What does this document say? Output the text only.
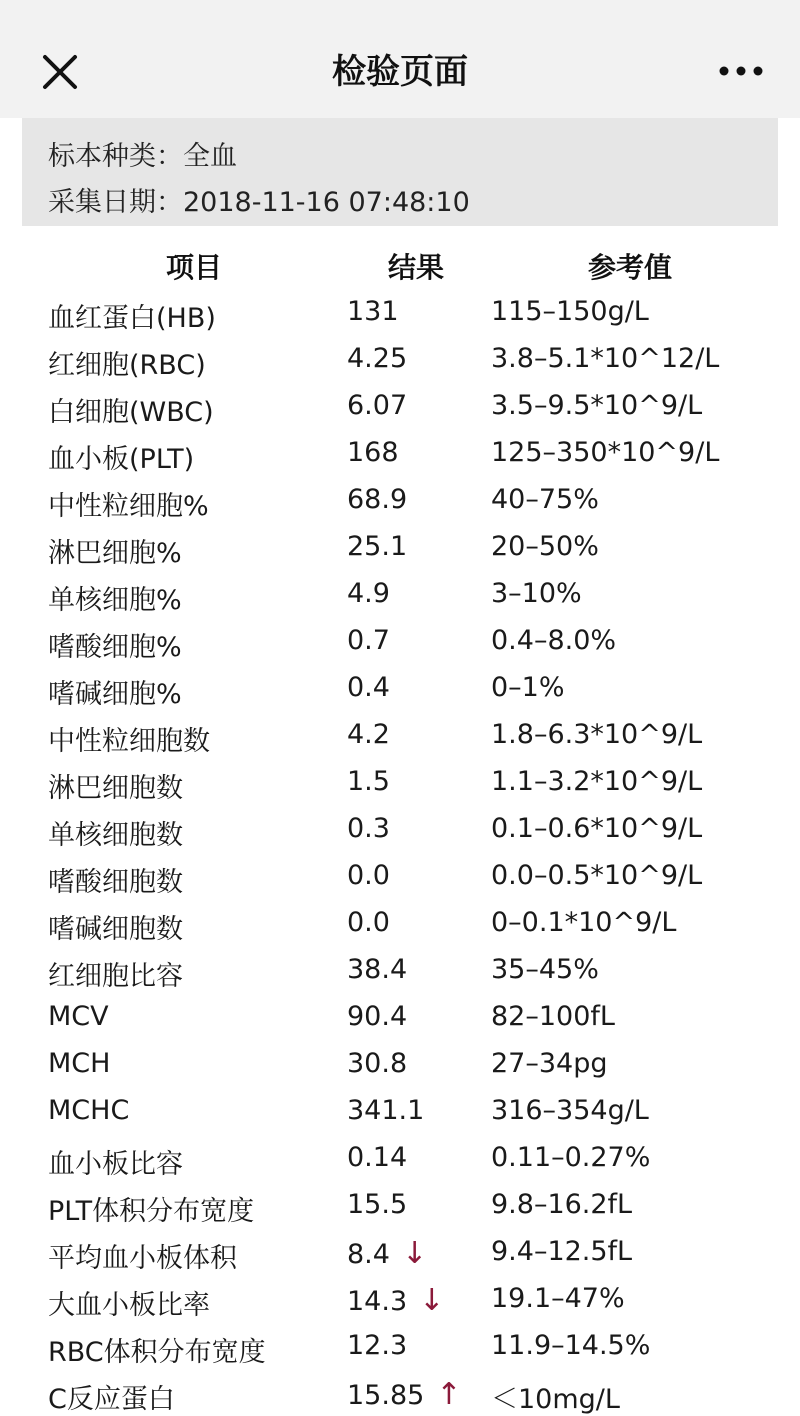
检验页面
标本种类：全血
采集日期：2018-11-16 07:48:10
项目	结果	参考值
血红蛋白(HB)	131	115–150g/L
红细胞(RBC)	4.25	3.8–5.1*10^12/L
白细胞(WBC)	6.07	3.5–9.5*10^9/L
血小板(PLT)	168	125–350*10^9/L
中性粒细胞%	68.9	40–75%
淋巴细胞%	25.1	20–50%
单核细胞%	4.9	3–10%
嗜酸细胞%	0.7	0.4–8.0%
嗜碱细胞%	0.4	0–1%
中性粒细胞数	4.2	1.8–6.3*10^9/L
淋巴细胞数	1.5	1.1–3.2*10^9/L
单核细胞数	0.3	0.1–0.6*10^9/L
嗜酸细胞数	0.0	0.0–0.5*10^9/L
嗜碱细胞数	0.0	0–0.1*10^9/L
红细胞比容	38.4	35–45%
MCV	90.4	82–100fL
MCH	30.8	27–34pg
MCHC	341.1 316–354g/L
血小板比容	0.14	0.11–0.27%
PLT体积分布宽度	15.5	9.8–16.2fL
平均血小板体积	8.4 ↓ 9.4–12.5fL
大血小板比率	14.3 ↓ 19.1–47%
RBC体积分布宽度	12.3	11.9–14.5%
C反应蛋白	15.85 ↑ ＜10mg/L
